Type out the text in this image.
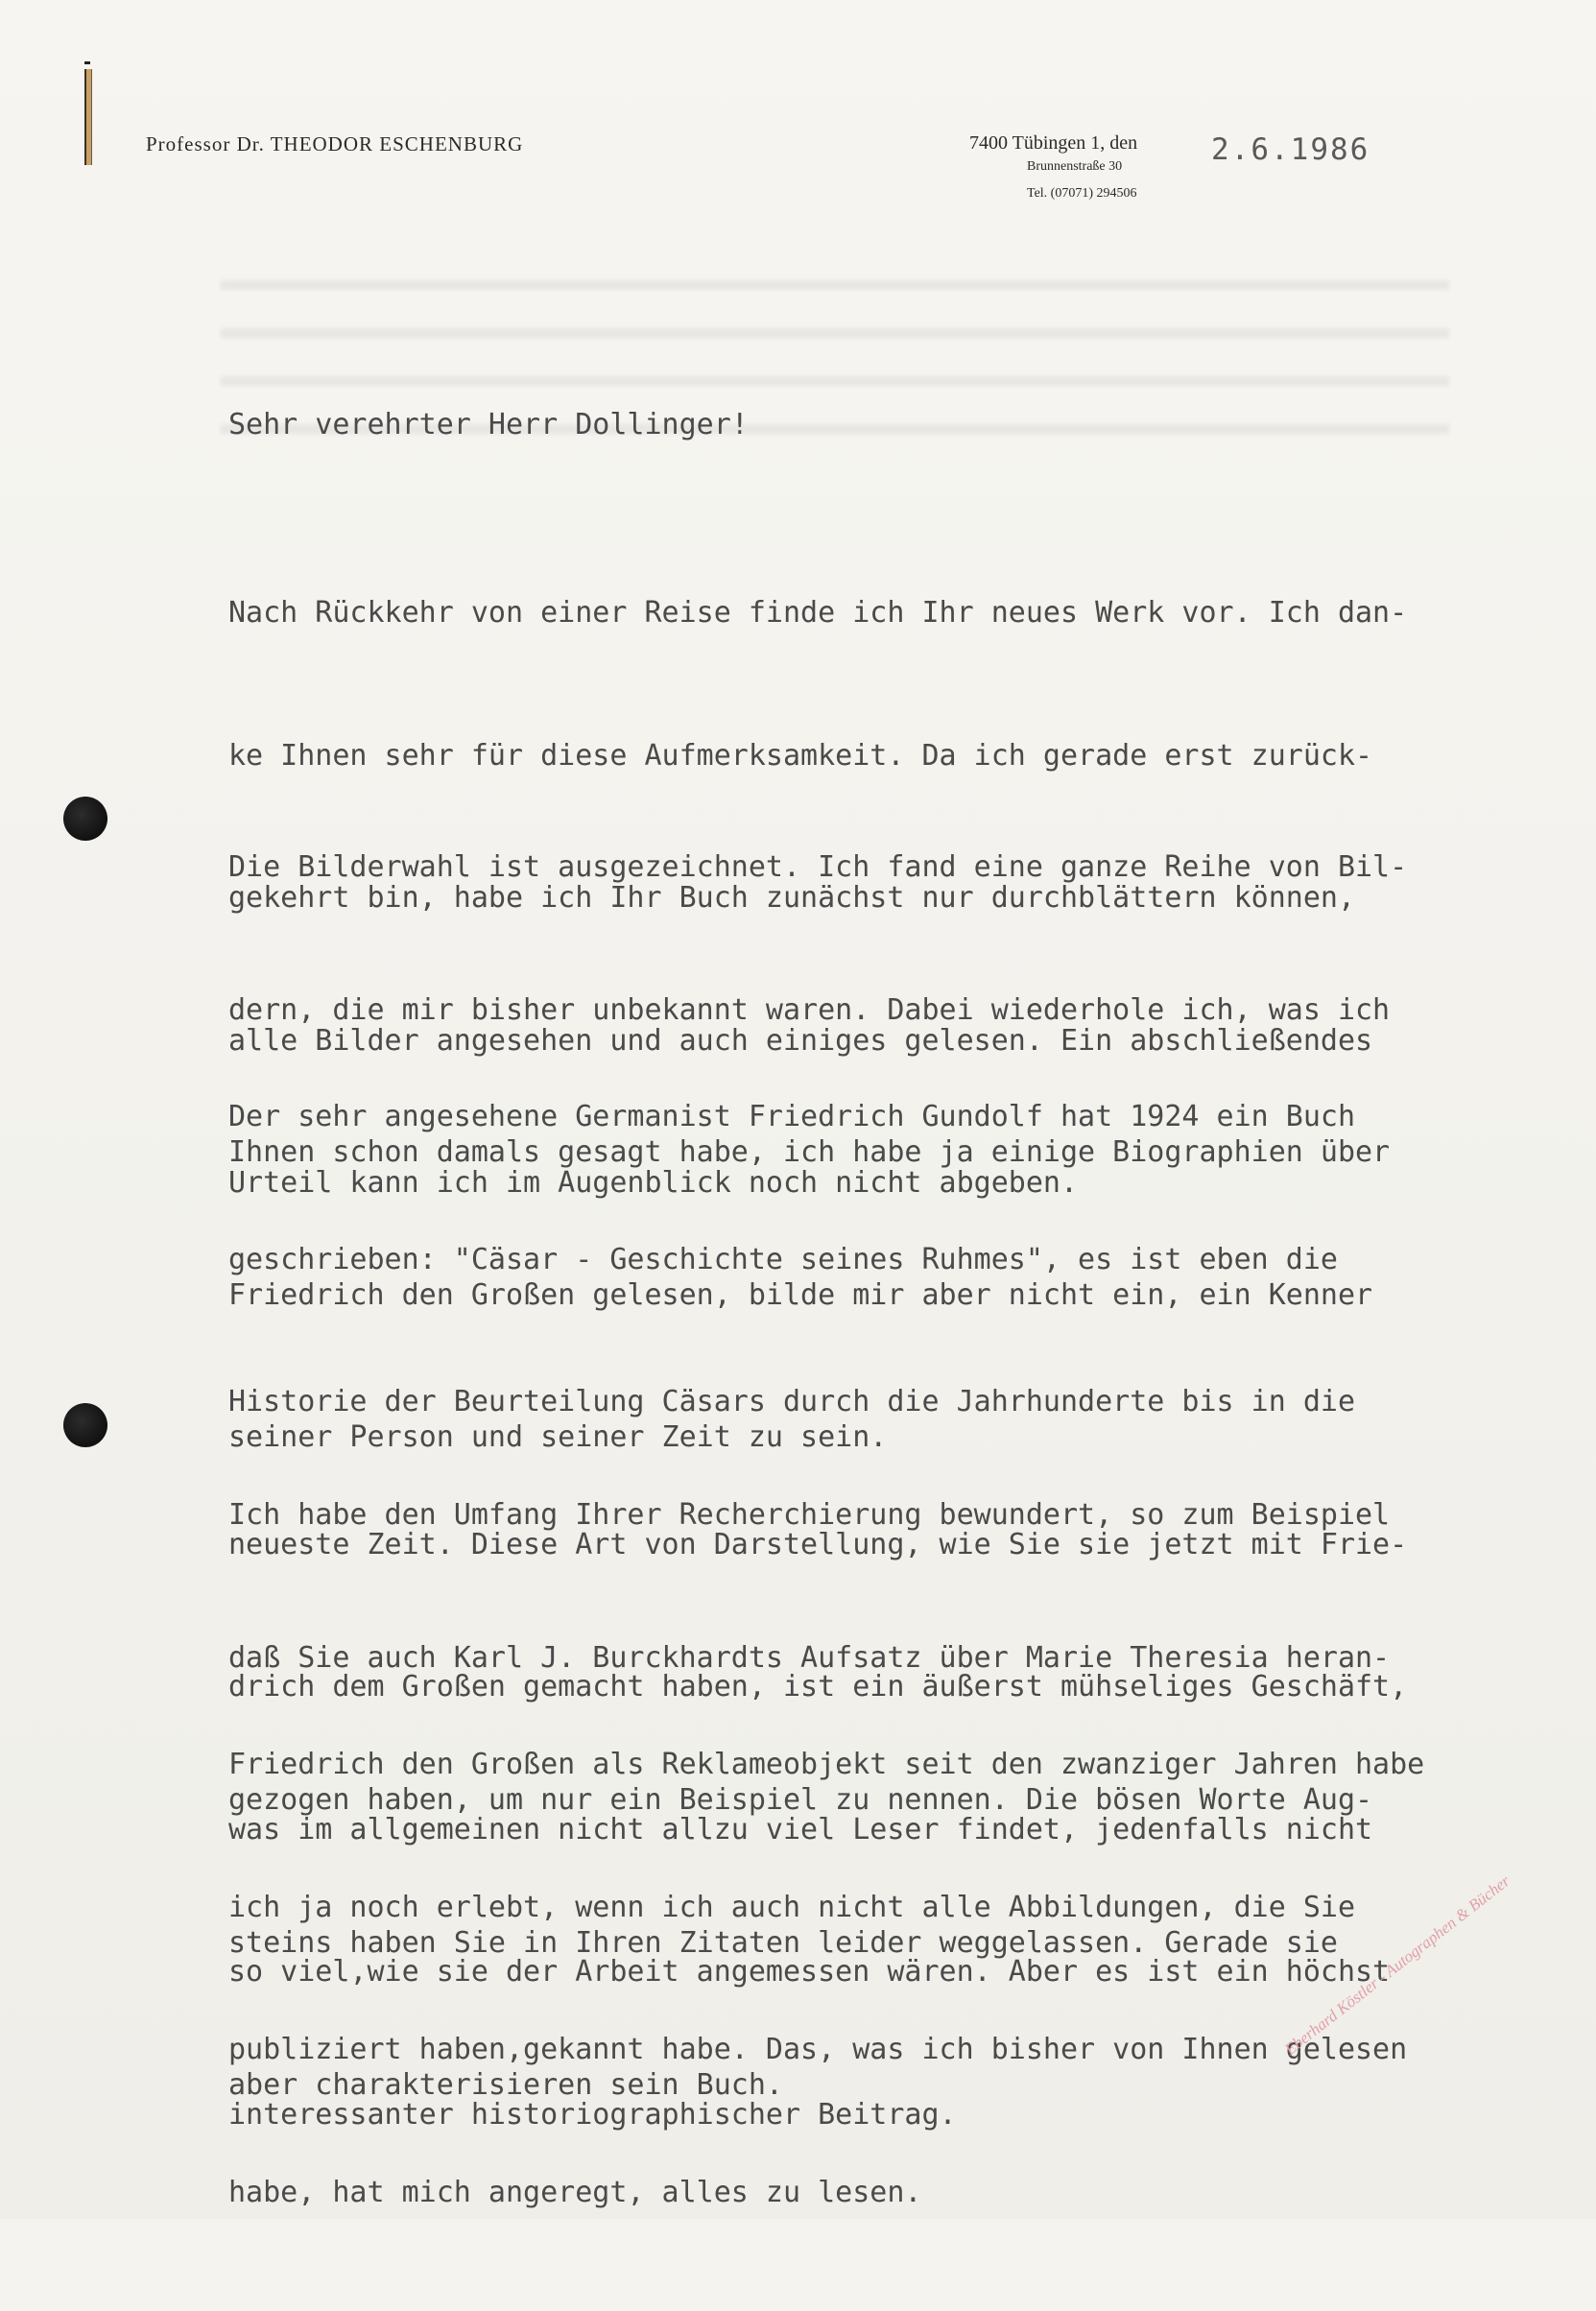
Professor Dr. THEODOR ESCHENBURG	7400 Tübingen 1, den
Brunnenstraße 30
Tel. (07071) 294506
2.6.1986
Sehr verehrter Herr Dollinger!

Nach Rückkehr von einer Reise finde ich Ihr neues Werk vor. Ich dan-

ke Ihnen sehr für diese Aufmerksamkeit. Da ich gerade erst zurück-

gekehrt bin, habe ich Ihr Buch zunächst nur durchblättern können,

alle Bilder angesehen und auch einiges gelesen. Ein abschließendes

Urteil kann ich im Augenblick noch nicht abgeben.

Die Bilderwahl ist ausgezeichnet. Ich fand eine ganze Reihe von Bil-

dern, die mir bisher unbekannt waren. Dabei wiederhole ich, was ich

Ihnen schon damals gesagt habe, ich habe ja einige Biographien über

Friedrich den Großen gelesen, bilde mir aber nicht ein, ein Kenner

seiner Person und seiner Zeit zu sein.

Der sehr angesehene Germanist Friedrich Gundolf hat 1924 ein Buch

geschrieben: "Cäsar - Geschichte seines Ruhmes", es ist eben die

Historie der Beurteilung Cäsars durch die Jahrhunderte bis in die

neueste Zeit. Diese Art von Darstellung, wie Sie sie jetzt mit Frie-

drich dem Großen gemacht haben, ist ein äußerst mühseliges Geschäft,

was im allgemeinen nicht allzu viel Leser findet, jedenfalls nicht

so viel,wie sie der Arbeit angemessen wären. Aber es ist ein höchst

interessanter historiographischer Beitrag.

Ich habe den Umfang Ihrer Recherchierung bewundert, so zum Beispiel

daß Sie auch Karl J. Burckhardts Aufsatz über Marie Theresia heran-

gezogen haben, um nur ein Beispiel zu nennen. Die bösen Worte Aug-

steins haben Sie in Ihren Zitaten leider weggelassen. Gerade sie

aber charakterisieren sein Buch.

Friedrich den Großen als Reklameobjekt seit den zwanziger Jahren habe

ich ja noch erlebt, wenn ich auch nicht alle Abbildungen, die Sie

publiziert haben,gekannt habe. Das, was ich bisher von Ihnen gelesen

habe, hat mich angeregt, alles zu lesen.

Eberhard Köstler - Autographen & Bücher
